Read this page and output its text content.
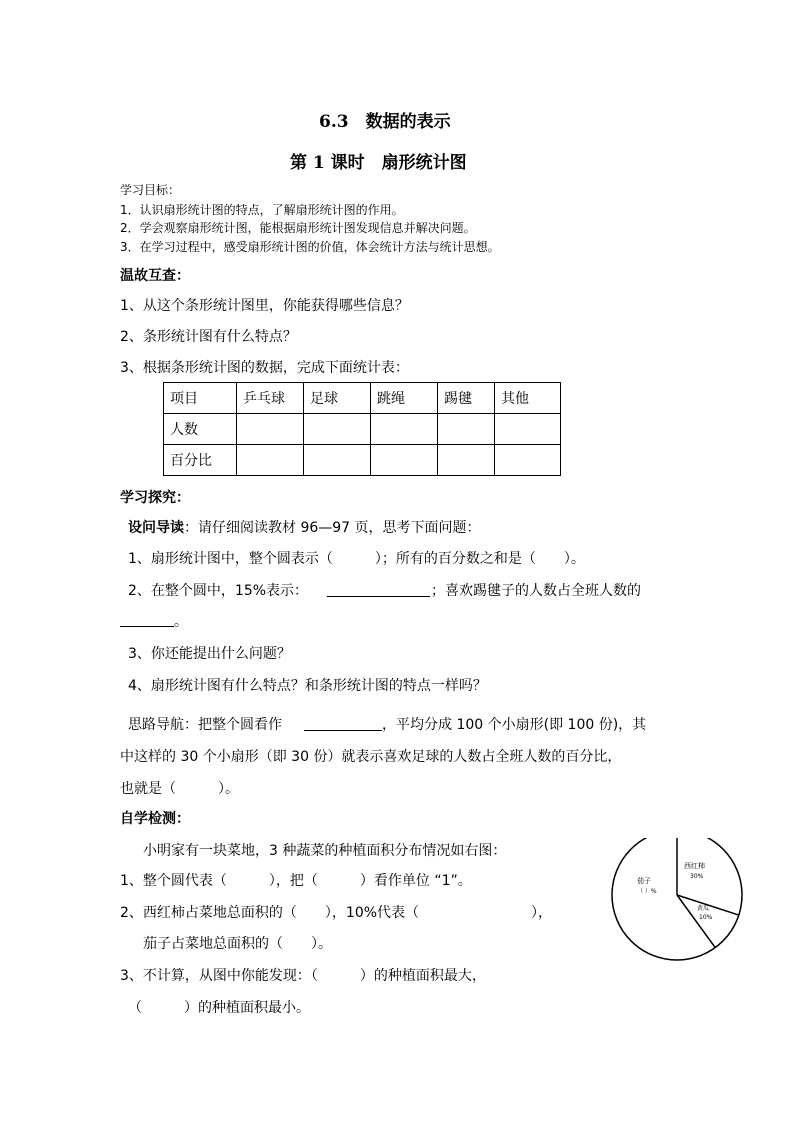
6.3　数据的表示
第 1 课时　扇形统计图
学习目标：
1．认识扇形统计图的特点，了解扇形统计图的作用。
2．学会观察扇形统计图，能根据扇形统计图发现信息并解决问题。
3．在学习过程中，感受扇形统计图的价值，体会统计方法与统计思想。
温故互查：
1、从这个条形统计图里，你能获得哪些信息？
2、条形统计图有什么特点？
3、根据条形统计图的数据，完成下面统计表：
项目	乒乓球	足球	跳绳	踢毽	其他
人数					
百分比					
学习探究：
设问导读：请仔细阅读教材 96—97 页，思考下面问题：
1、扇形统计图中，整个圆表示（　　　）；所有的百分数之和是（　　）。
2、在整个圆中，15%表示：	；喜欢踢毽子的人数占全班人数的
。
3、你还能提出什么问题？
4、扇形统计图有什么特点？和条形统计图的特点一样吗？
思路导航：把整个圆看作	，平均分成 100 个小扇形(即 100 份)，其
中这样的 30 个小扇形（即 30 份）就表示喜欢足球的人数占全班人数的百分比，
也就是（　　　）。
自学检测：
小明家有一块菜地，3 种蔬菜的种植面积分布情况如右图：
1、整个圆代表（　　　），把（　　　）看作单位 “1”。
2、西红柿占菜地总面积的（　　），10%代表（　　　　　　　　），
茄子占菜地总面积的（　　）。
3、不计算，从图中你能发现：（　　　）的种植面积最大，
（　　　）的种植面积最小。
西红柿
30%
黄瓜
10%
茄子
（ ）%
